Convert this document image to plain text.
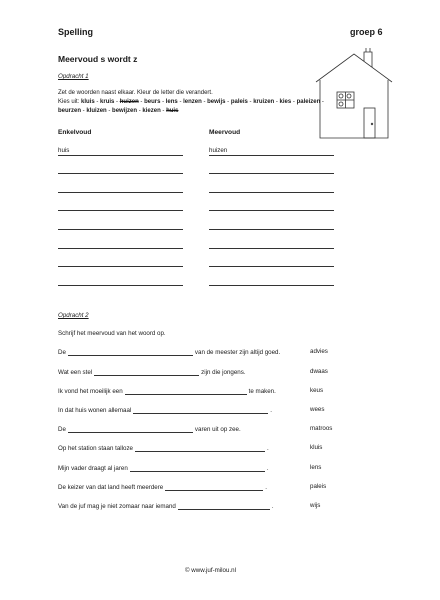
Spelling	groep 6
Meervoud s wordt z
Opdracht 1
Zet de woorden naast elkaar. Kleur de letter die verandert.
Kies uit: kluis - kruis - huizen - beurs - lens - lenzen - bewijs - paleis - kruizen - kies - paleizen - beurzen - kluizen - bewijzen - kiezen - huis
Enkelvoud	Meervoud
huis	huizen
Opdracht 2
Schrijf het meervoud van het woord op.
De	van de meester zijn altijd goed.	advies
Wat een stel	zijn die jongens.	dwaas
Ik vond het moeilijk een	te maken.	keus
In dat huis wonen allemaal	.	wees
De	varen uit op zee.	matroos
Op het station staan talloze	.	kluis
Mijn vader draagt al jaren	.	lens
De keizer van dat land heeft meerdere	.	paleis
Van de juf mag je niet zomaar naar iemand	.	wijs
© www.juf-milou.nl
